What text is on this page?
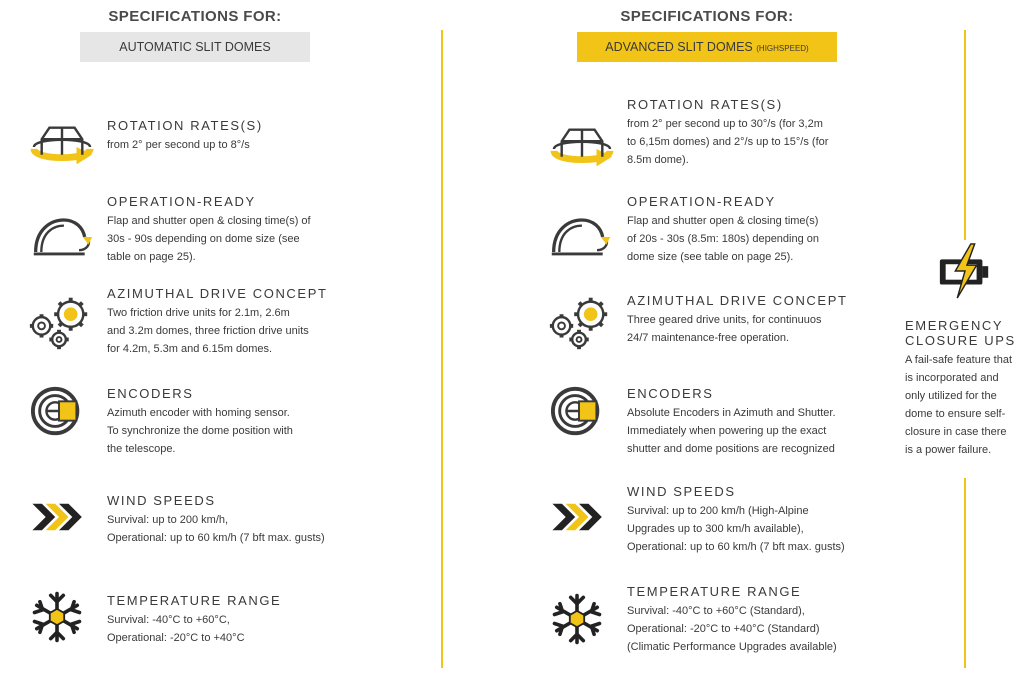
SPECIFICATIONS FOR:
AUTOMATIC SLIT DOMES
SPECIFICATIONS FOR:
ADVANCED SLIT DOMES (HIGHSPEED)
ROTATION RATES(S)
from 2° per second up to 8°/s
OPERATION-READY
Flap and shutter open & closing time(s) of
30s - 90s depending on dome size (see
table on page 25).
AZIMUTHAL DRIVE CONCEPT
Two friction drive units for 2.1m, 2.6m
and 3.2m domes, three friction drive units
for 4.2m, 5.3m and 6.15m domes.
ENCODERS
Azimuth encoder with homing sensor.
To synchronize the dome position with
the telescope.
WIND SPEEDS
Survival: up to 200 km/h,
Operational: up to 60 km/h (7 bft max. gusts)
TEMPERATURE RANGE
Survival: -40°C to +60°C,
Operational: -20°C to +40°C
ROTATION RATES(S)
from 2° per second up to 30°/s (for 3,2m
to 6,15m domes) and 2°/s up to 15°/s (for
8.5m dome).
OPERATION-READY
Flap and shutter open & closing time(s)
of 20s - 30s (8.5m: 180s) depending on
dome size (see table on page 25).
AZIMUTHAL DRIVE CONCEPT
Three geared drive units, for continuuos
24/7 maintenance-free operation.
ENCODERS
Absolute Encoders in Azimuth and Shutter.
Immediately when powering up the exact
shutter and dome positions are recognized
WIND SPEEDS
Survival: up to 200 km/h (High-Alpine
Upgrades up to 300 km/h available),
Operational: up to 60 km/h (7 bft max. gusts)
TEMPERATURE RANGE
Survival: -40°C to +60°C (Standard),
Operational: -20°C to +40°C (Standard)
(Climatic Performance Upgrades available)
EMERGENCY
CLOSURE UPS
A fail-safe feature that
is incorporated and
only utilized for the
dome to ensure self-
closure in case there
is a power failure.
